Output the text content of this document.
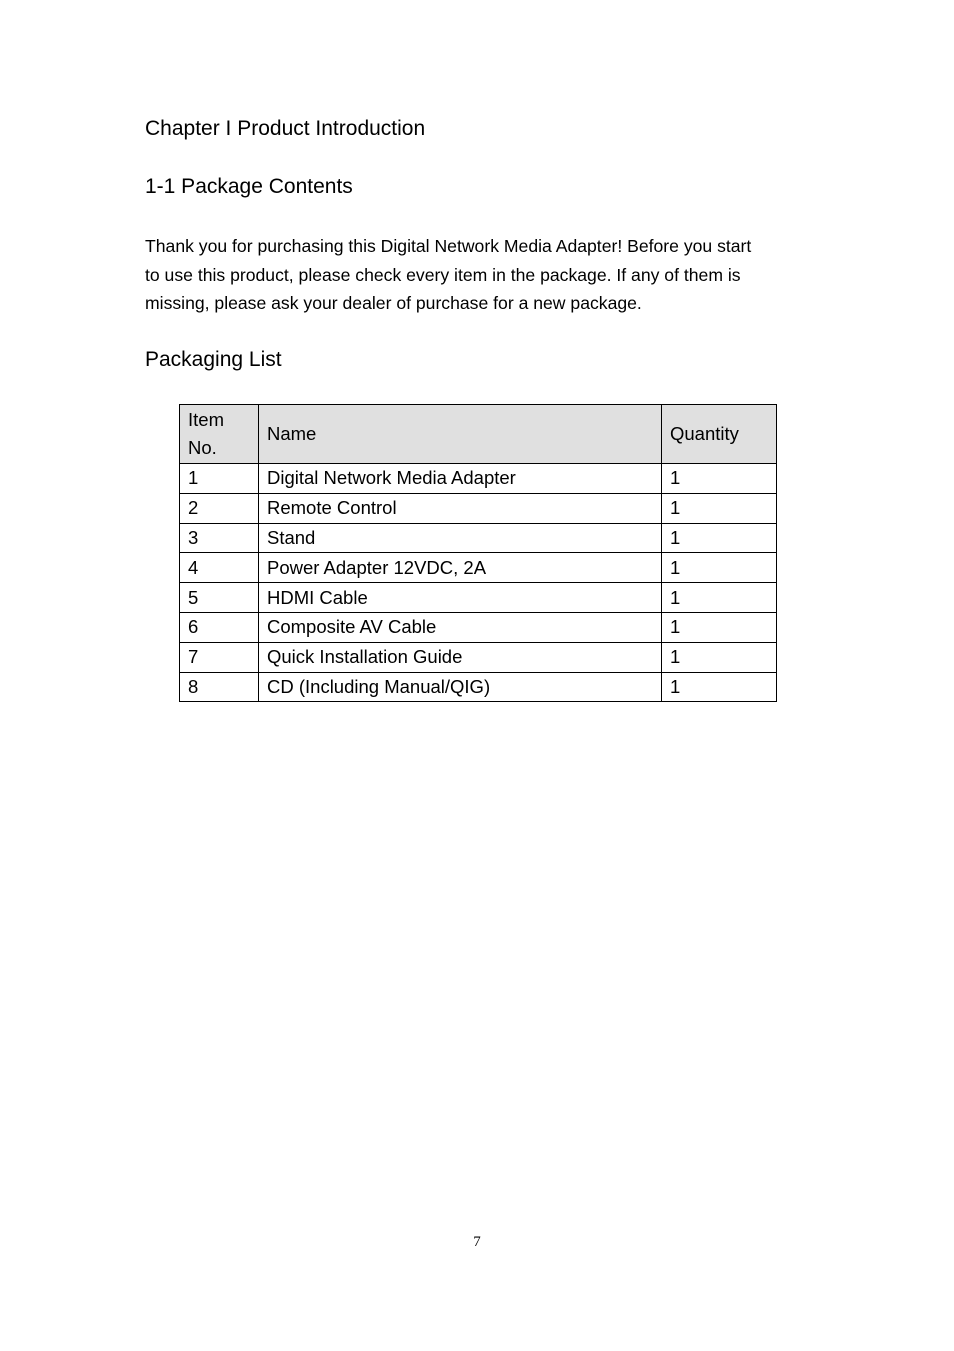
Chapter I Product Introduction
1-1 Package Contents

Thank you for purchasing this Digital Network Media Adapter! Before you start
to use this product, please check every item in the package. If any of them is
missing, please ask your dealer of purchase for a new package.

Packaging List
Item
No.	Name	Quantity
1	Digital Network Media Adapter	1
2	Remote Control	1
3	Stand	1
4	Power Adapter 12VDC, 2A	1
5	HDMI Cable	1
6	Composite AV Cable	1
7	Quick Installation Guide	1
8	CD (Including Manual/QIG)	1
7
